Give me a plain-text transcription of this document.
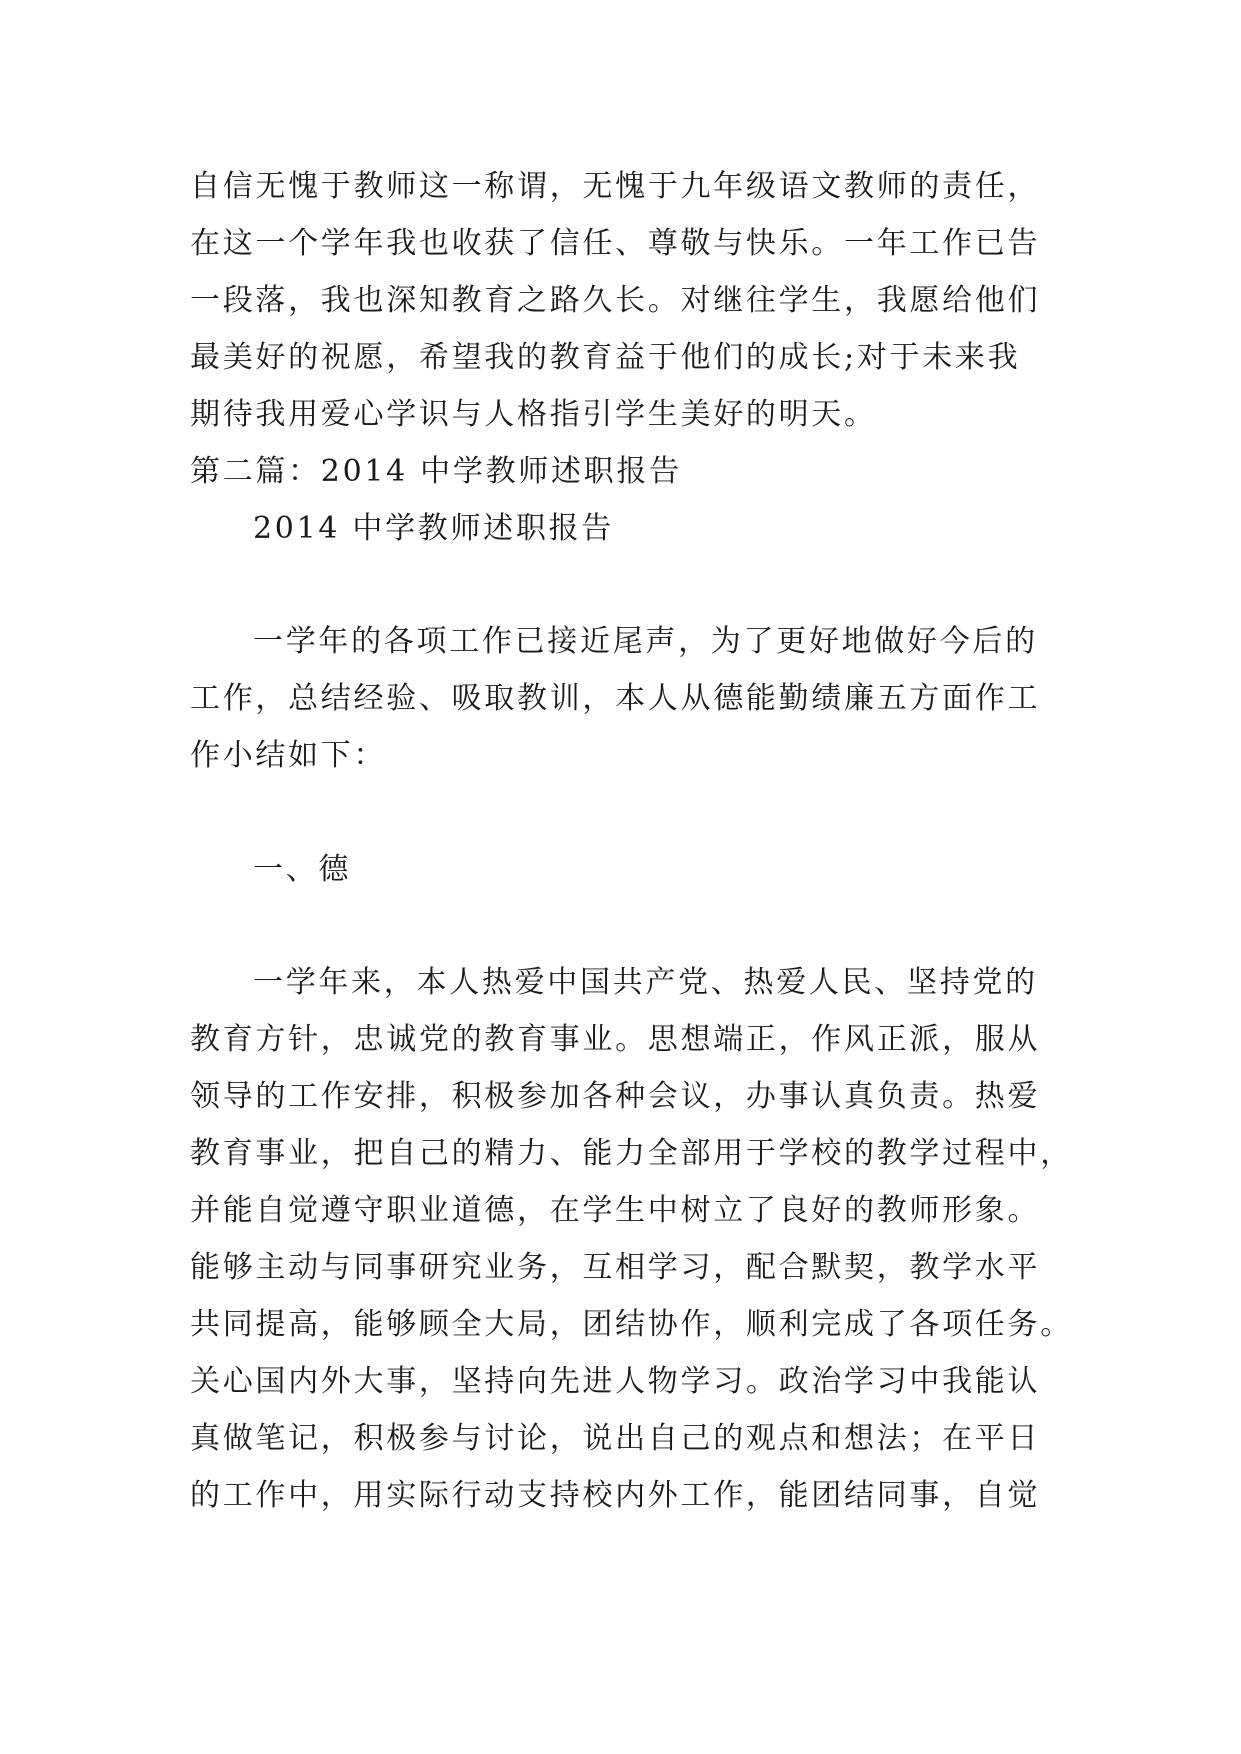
自信无愧于教师这一称谓，无愧于九年级语文教师的责任，
在这一个学年我也收获了信任、尊敬与快乐。一年工作已告
一段落，我也深知教育之路久长。对继往学生，我愿给他们
最美好的祝愿，希望我的教育益于他们的成长;对于未来我
期待我用爱心学识与人格指引学生美好的明天。
第二篇：2014 中学教师述职报告
2014 中学教师述职报告
一学年的各项工作已接近尾声，为了更好地做好今后的
工作，总结经验、吸取教训，本人从德能勤绩廉五方面作工
作小结如下：
一、德
一学年来，本人热爱中国共产党、热爱人民、坚持党的
教育方针，忠诚党的教育事业。思想端正，作风正派，服从
领导的工作安排，积极参加各种会议，办事认真负责。热爱
教育事业，把自己的精力、能力全部用于学校的教学过程中，
并能自觉遵守职业道德，在学生中树立了良好的教师形象。
能够主动与同事研究业务，互相学习，配合默契，教学水平
共同提高，能够顾全大局，团结协作，顺利完成了各项任务。
关心国内外大事，坚持向先进人物学习。政治学习中我能认
真做笔记，积极参与讨论，说出自己的观点和想法；在平日
的工作中，用实际行动支持校内外工作，能团结同事，自觉
